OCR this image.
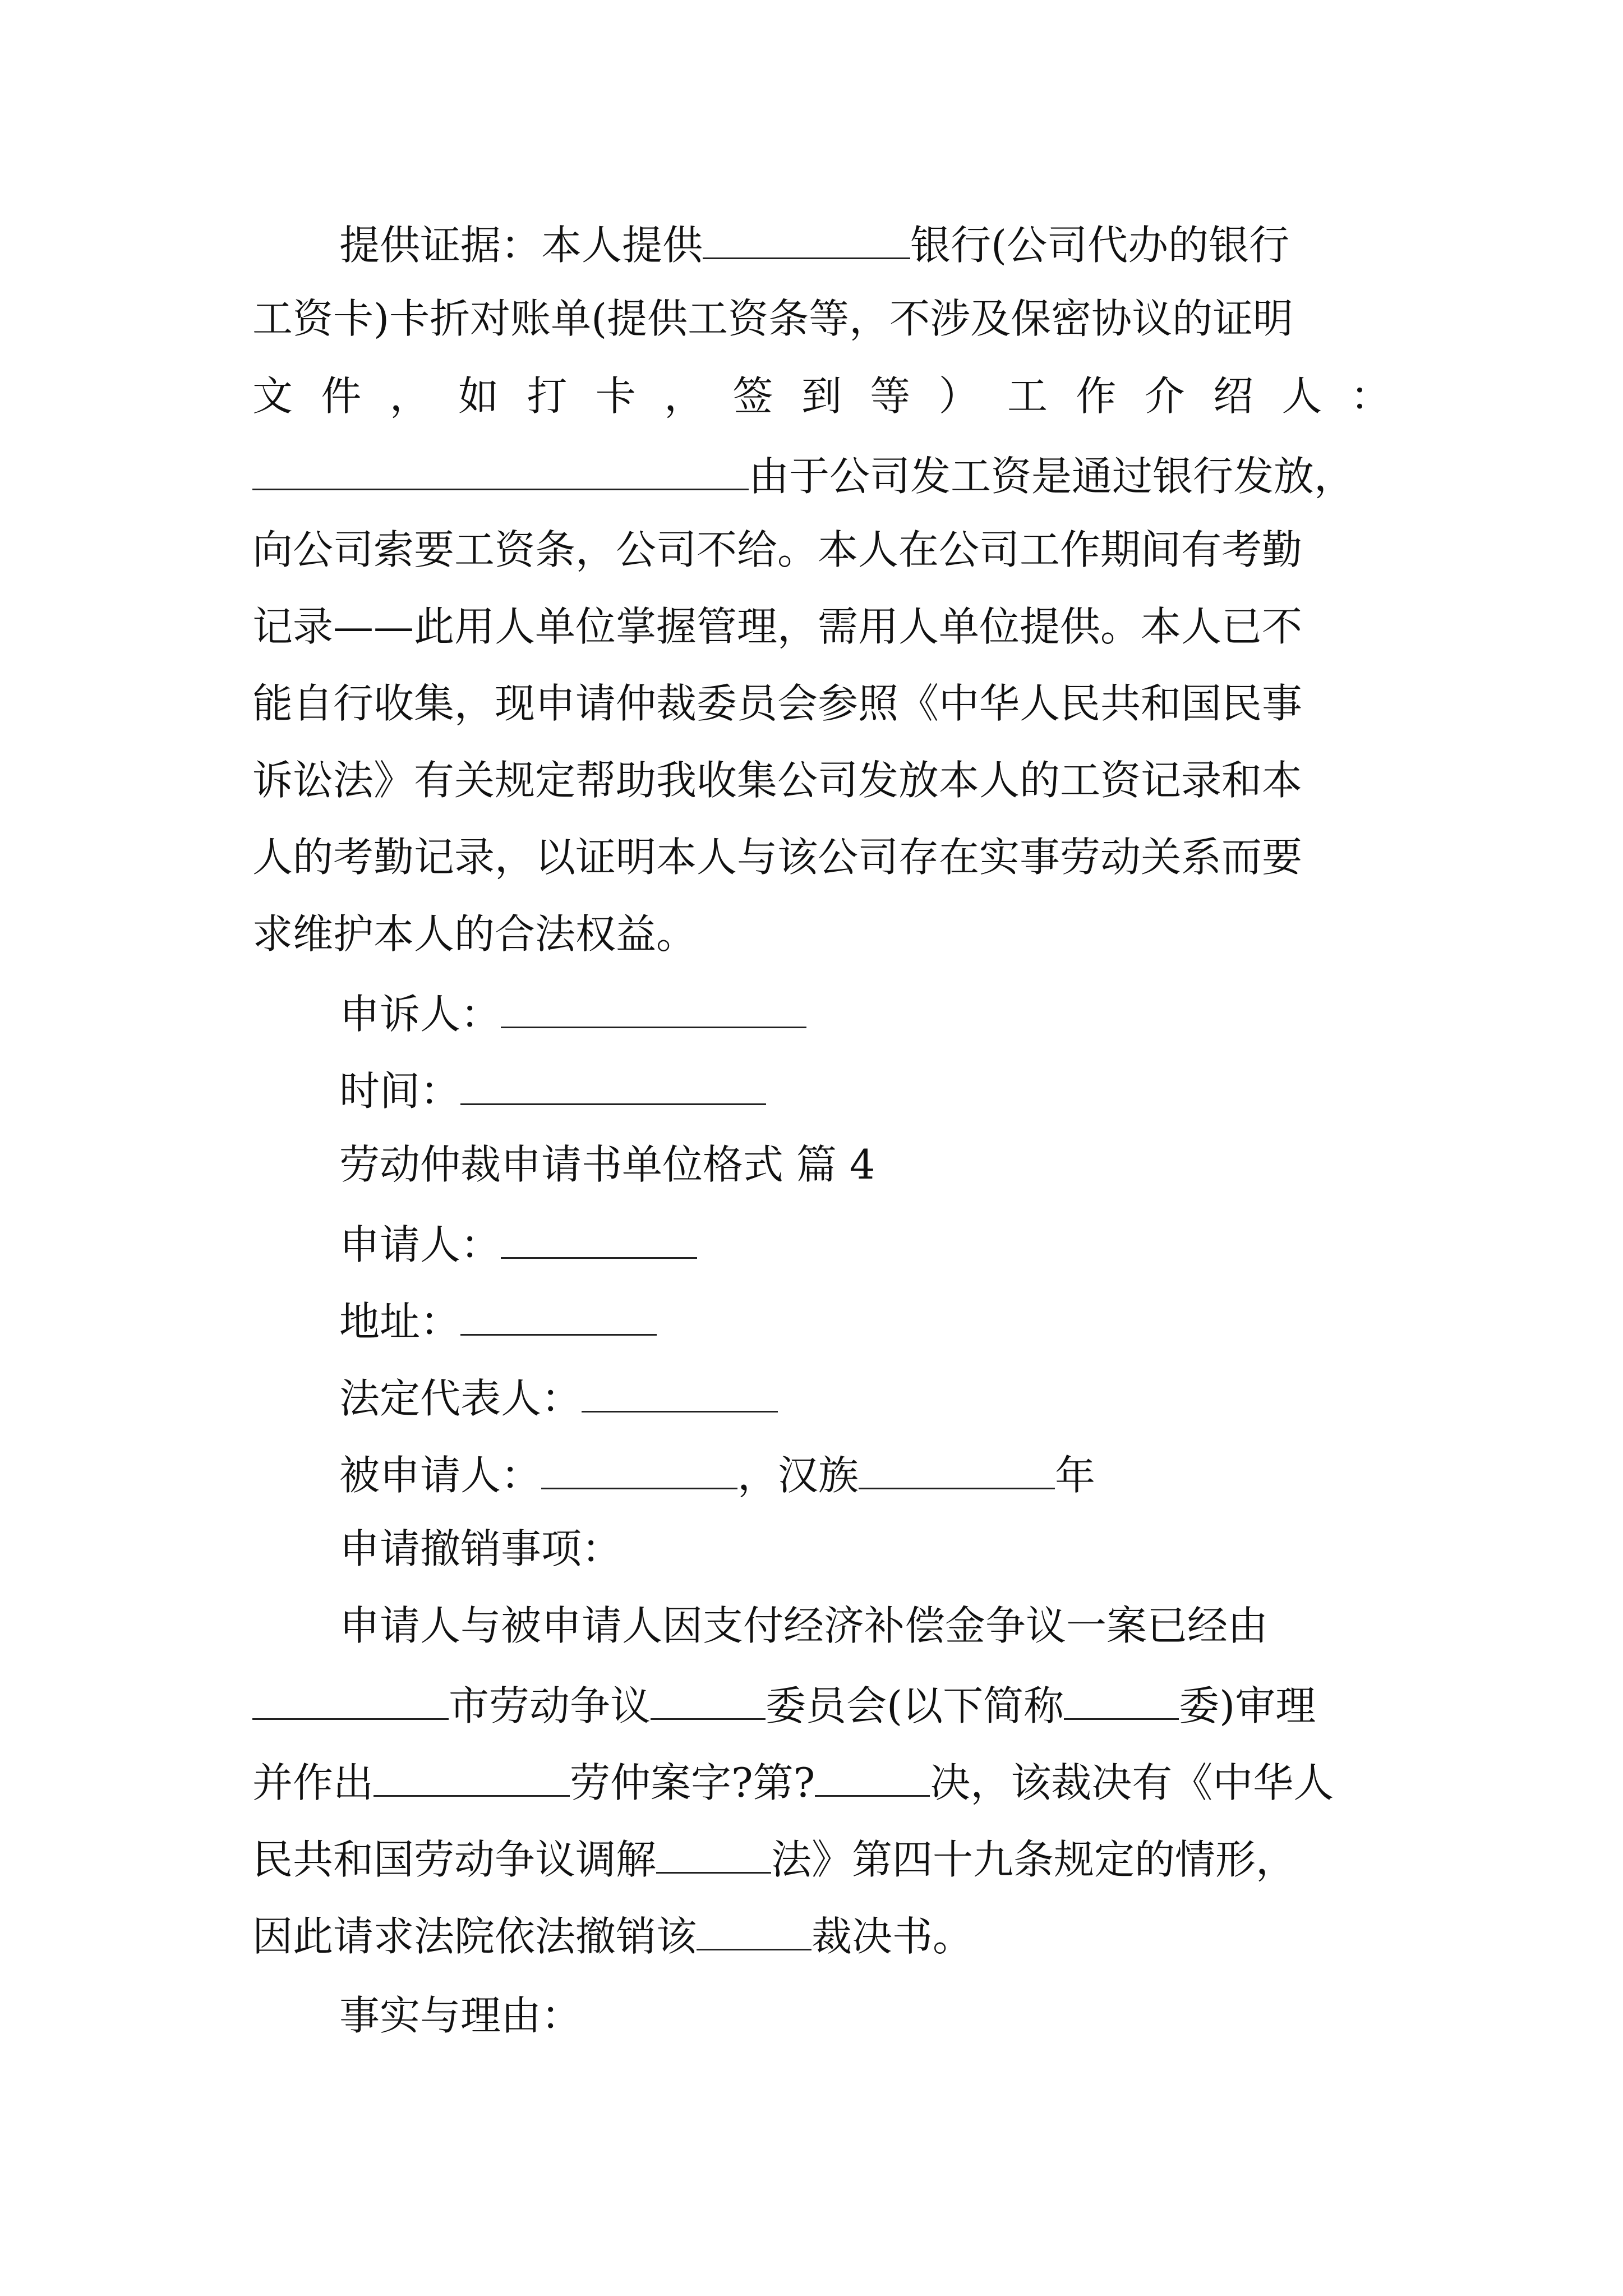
提供证据：本人提供	银行(公司代办的银行
工资卡)卡折对账单(提供工资条等，不涉及保密协议的证明
文 件 ， 如 打 卡 ， 签 到 等 ） 工 作 介 绍 人 ：
由于公司发工资是通过银行发放，
向公司索要工资条，公司不给。本人在公司工作期间有考勤
记录——此用人单位掌握管理，需用人单位提供。本人已不
能自行收集，现申请仲裁委员会参照《中华人民共和国民事
诉讼法》有关规定帮助我收集公司发放本人的工资记录和本
人的考勤记录，以证明本人与该公司存在实事劳动关系而要
求维护本人的合法权益。
申诉人：
时间：
劳动仲裁申请书单位格式 篇 4
申请人：
地址：
法定代表人：
被申请人：	，汉族	年
申请撤销事项：
申请人与被申请人因支付经济补偿金争议一案已经由
市劳动争议	委员会(以下简称	委)审理
并作出	劳仲案字?第?	决，该裁决有《中华人
民共和国劳动争议调解	法》第四十九条规定的情形，
因此请求法院依法撤销该	裁决书。
事实与理由：
